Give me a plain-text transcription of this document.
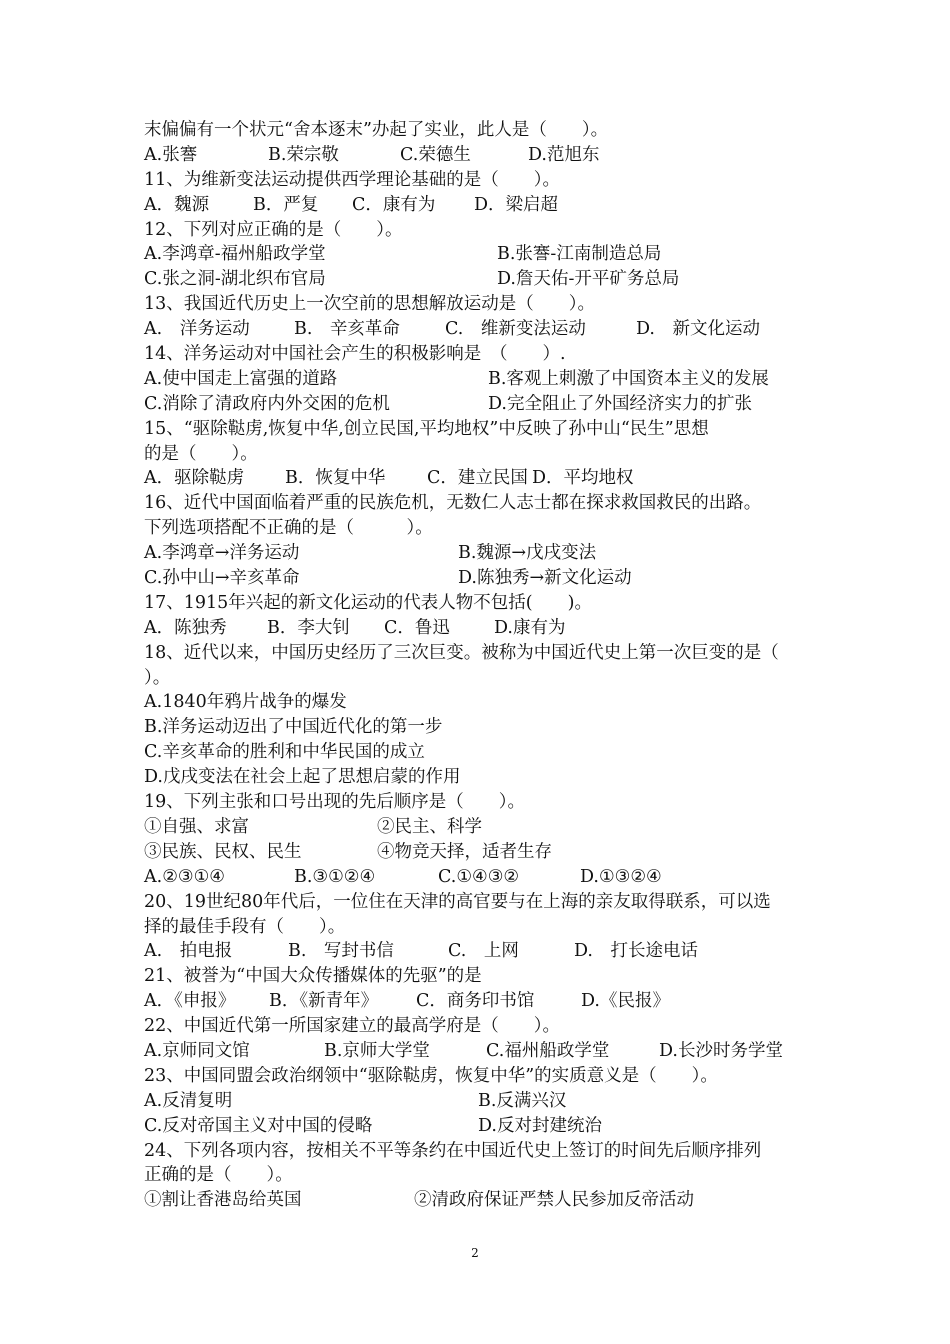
末偏偏有一个状元“舍本逐末”办起了实业，此人是（　　）。
A.张謇	B.荣宗敬	C.荣德生	D.范旭东
11、为维新变法运动提供西学理论基础的是（　　）。
A．魏源	B．严复	C．康有为	D．梁启超
12、下列对应正确的是（　　）。
A.李鸿章-福州船政学堂	B.张謇-江南制造总局
C.张之洞-湖北织布官局	D.詹天佑-开平矿务总局
13、我国近代历史上一次空前的思想解放运动是（　　）。
A.　洋务运动	B.　辛亥革命	C.　维新变法运动	D.　新文化运动
14、洋务运动对中国社会产生的积极影响是　（　　）.
A.使中国走上富强的道路	B.客观上刺激了中国资本主义的发展
C.消除了清政府内外交困的危机	D.完全阻止了外国经济实力的扩张
15、“驱除鞑虏,恢复中华,创立民国,平均地权”中反映了孙中山“民生”思想
的是（　　）。
A．驱除鞑虏	B．恢复中华	C．建立民国 D．平均地权
16、近代中国面临着严重的民族危机，无数仁人志士都在探求救国救民的出路。
下列选项搭配不正确的是（　　　）。
A.李鸿章→洋务运动	B.魏源→戊戌变法
C.孙中山→辛亥革命	D.陈独秀→新文化运动
17、1915年兴起的新文化运动的代表人物不包括(　　)。
A．陈独秀	B．李大钊	C．鲁迅	D.康有为
18、近代以来，中国历史经历了三次巨变。被称为中国近代史上第一次巨变的是（
）。
A.1840年鸦片战争的爆发
B.洋务运动迈出了中国近代化的第一步
C.辛亥革命的胜利和中华民国的成立
D.戊戌变法在社会上起了思想启蒙的作用
19、下列主张和口号出现的先后顺序是（　　）。
①自强、求富	②民主、科学
③民族、民权、民生	④物竞天择，适者生存
A.②③①④	B.③①②④	C.①④③②	D.①③②④
20、19世纪80年代后，一位住在天津的高官要与在上海的亲友取得联系，可以选
择的最佳手段有（　　）。
A.　拍电报	B.　写封书信	C.　上网	D.　打长途电话
21、被誉为“中国大众传播媒体的先驱”的是
A．《申报》	B．《新青年》	C．商务印书馆	D.《民报》
22、中国近代第一所国家建立的最高学府是（　　）。
A.京师同文馆	B.京师大学堂	C.福州船政学堂	D.长沙时务学堂
23、中国同盟会政治纲领中“驱除鞑虏，恢复中华”的实质意义是（　　）。
A.反清复明	B.反满兴汉
C.反对帝国主义对中国的侵略	D.反对封建统治
24、下列各项内容，按相关不平等条约在中国近代史上签订的时间先后顺序排列
正确的是（　　）。
①割让香港岛给英国	②清政府保证严禁人民参加反帝活动
2
